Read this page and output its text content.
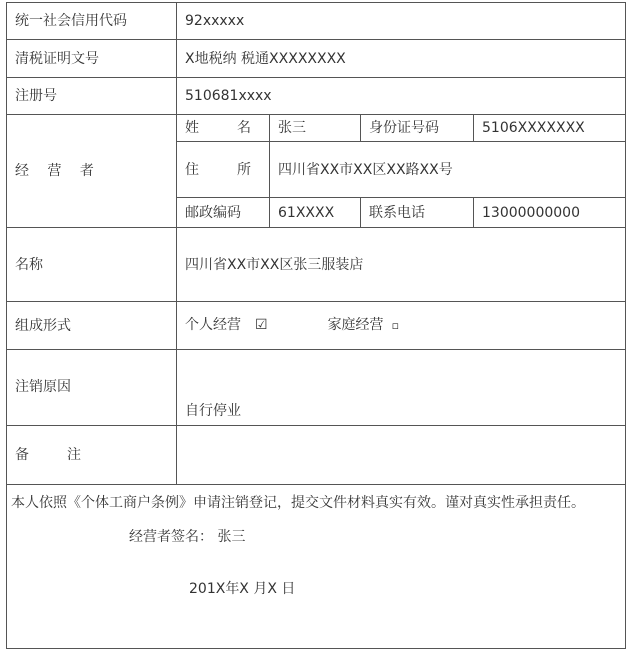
统一社会信用代码	92xxxxx			
清税证明文号	X地税纳 税通XXXXXXXX			
注册号	510681xxxx			
经 营 者	姓 名	张三	身份证号码	5106XXXXXXX
	住 所	四川省XX市XX区XX路XX号		
	邮政编码	61XXXX	联系电话	13000000000
名称	四川省XX市XX区张三服装店			
组成形式	个人经营 ☑ 家庭经营 ▫			

注销原因	自行停业			

备 注				

本人依照《个体工商户条例》申请注销登记，提交文件材料真实有效。谨对真实性承担责任。

经营者签名： 张三
201X年X 月X 日				
